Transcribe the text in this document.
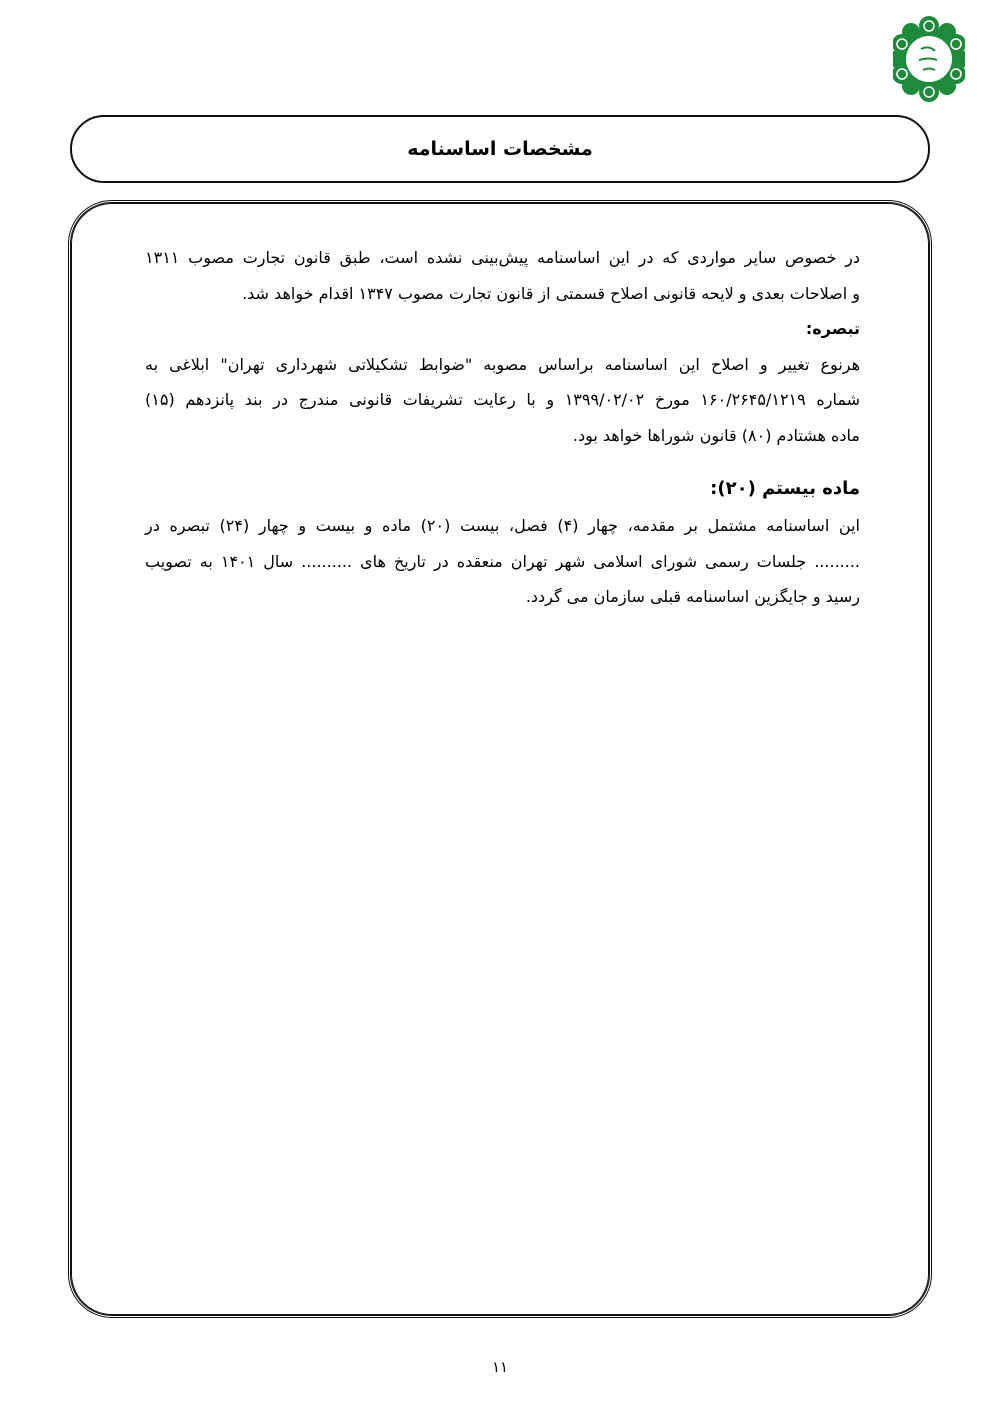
مشخصات اساسنامه
در خصوص سایر مواردی که در این اساسنامه پیش‌بینی نشده است، طبق قانون تجارت مصوب ۱۳۱۱
و اصلاحات بعدی و لایحه قانونی اصلاح قسمتی از قانون تجارت مصوب ۱۳۴۷ اقدام خواهد شد.
تبصره:
هرنوع تغییر و اصلاح این اساسنامه براساس مصوبه "ضوابط تشکیلاتی شهرداری تهران" ابلاغی به
شماره ۱۶۰/۲۶۴۵/۱۲۱۹ مورخ ۱۳۹۹/۰۲/۰۲ و با رعایت تشریفات قانونی مندرج در بند پانزدهم (۱۵)
ماده هشتادم (۸۰) قانون شوراها خواهد بود.
ماده بیستم (۲۰):
این اساسنامه مشتمل بر مقدمه، چهار (۴) فصل، بیست (۲۰) ماده و بیست و چهار (۲۴) تبصره در
......... جلسات رسمی شورای اسلامی شهر تهران منعقده در تاریخ های .......... سال ۱۴۰۱ به تصویب
رسید و جایگزین اساسنامه قبلی سازمان می گردد.
۱۱
